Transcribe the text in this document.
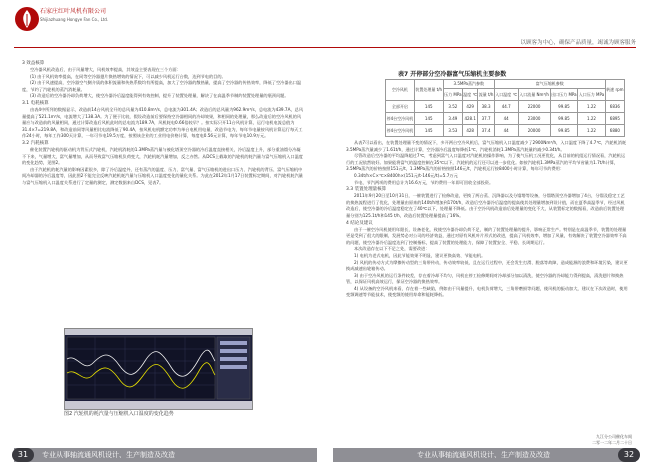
石家庄红叶风机有限公司
Shijiazhuang Hongye Fan Co., Ltd.
以顾客为中心，确保产品质量，竭诚为顾客服务
3 效益核算

空冷器风机改造后，由于风量增大，风机效率提高，其效益主要表现在三个方面：

(1) 由于风机效率提高，在同等空冷器翅片换热增效的情况下，可以减少风机运行台数，达到节电的目的。

(2) 由于风速提高，空冷器空气侧介质的体积流量和传热系数均有所提高，加大了空冷器的散热量，提高了空冷器的传热效率，降低了空冷器出口温度，节约了汽轮机的蒸汽消耗量。

(3) 改造后的空冷器冷却负荷增大，使空冷器冷后温度能得到有效控制，提升了装置处理量，解决了在高温季节制约装置处理量的瓶颈问题。

3.1 电耗核算

由表4中所列的数据显示，改造前14台风机全开的总风量为410.8m³/s，总电流为301.4A；改造后的总风量为962.9m³/s，总电流为439.7A，总风量提高了521.1m³/s，电流增大了138.3A。为了便于比较，假设改造前后要保持空冷器相同的冷却效果，和相同的处理量，那么改造后的空冷风机的风量应与改造前的风量相同，通过计算改造后风机此时的总电流为189.7A，风机耗电0.66倍较早？。按实际只开11台风机计算，运行电机电流总值为31.4×7=219.8A，和改造前同等风量相比电流降低了90.4A，按风机电机额定功率为单台电机用电量，改造节电为，每年节电量按风机计算运行每天工作24小时，每年工作300天计算，一年可节电19.5万度，按照该企业的工业用电价格计算，每度电0.56元计算，每年节电10.9万元。

3.2 汽耗核算

催化装置汽轮机的驱动机为背压式汽轮机，汽轮机消耗的1.3MPa蒸汽量与被化塔顶空冷器的冷后温度直接相关，冷后温度上升，部分重油馏分冷凝不下来，气量增大，富气量增加，从而导致富气压缩机负荷变大，汽轮机耗汽量增加，反之亦然。从DCS上截取的汽轮机的耗汽量与富气压缩机入口温度的变化趋势，见图2。

由于汽轮机的耗汽量的影响因素很多，除了冷后温度外，还有蒸汽的温度、压力、富气量、富气压缩机的进出口压力、汽轮机的背压、富气压缩机中间冷却器的冷后温度等，因此图2不能完全反映汽轮机耗汽量与压缩机入口温度变化的量化关系。为此在2012年1月17日装置标定期间，对汽轮机耗汽量与富气压缩机入口温度关系进行了定量的测定，测定数据来自DCS，见表7。

图2 汽轮机的耗汽量与压缩机入口温度的变化趋势
表7 开停部分空冷器富气压缩机主要参数
空冷风机	装置处理量 t/h	3.5MPa蒸汽参数			富气压缩机参数				转速 rpm
		压力 MPa	温度 ℃	流量 t/h	入口温度 ℃	入口流量 Nm³/h	出口压力 MPa	入口压力 MPa	
全部开启	145	3.52	429	38.3	44.7	22000	99.85	1.22	6836
停4台空冷风机	145	3.49	428.1	37.7	44	23000	99.85	1.22	6895
停4台空冷风机	145	3.53	428	37.4	44	20000	99.85	1.22	6880

从表7可以看出，在装置处理量不变的情况下，多开两台空冷风机后，富气压缩机入口温度减少了2900Nm³/h，入口温度下降了4.7℃，汽轮机消耗3.5MPa蒸汽量减少了1.61t/h，通过计算，空冷器冷后温度每降低1℃，汽轮机消耗1.3MPa蒸汽耗量约减少0.34t/h。

尽管改造后空冷器的平均温降超过7℃，考虑到富气入口温度对汽轮机的操作影响，为了使气压机工况更优化，从目前的机组运行情况看，汽轮机运行的工况依然较好。如果能将富气的温度控制在35℃以下，汽轮机的运行还可以进一步优化。如按汽轮机1.3MPa蒸汽的平均节省量为1.7t/h计算，3.5MPa蒸汽的价格按照151元/t，1.3MPa蒸汽的价格按照146元/t，汽轮机运行按8400小时计算，每年可节约费用：

0.34t/h×C×℃×8400h×(151元/t-146元/t)=5.7万元

节电、节汽两项的费用总计为16.6万元，节约费用一年即可回收全部投资。

3.3 装置处理量核算

2011年9月20日至10月31日，一催装置进行了检修改造，更换了两台蒸、沉降器以及分馏塔等设备，分馏塔顶空冷器增加了4台，分馏及稳定工艺的换热流程进行了优化，处理量由原来的140t/h增加到170t/h，改造后空冷器冷后温度的提高使其处理量增加到设计值，而在夏季高温季节，经过风机改造后，使空冷器的冷后温度稳定在了40℃以下，处理量不降低。由于空冷风机改造前后处理量的变化不大，从装置标定的数据看，改造前后装置处理量分别为125.1t/h和145 t/h，改造后装置处理量提高了16%。

4 结论及建议

由于一催空冷风机使用年限长，设备老化，致使空冷器冷却负荷不足，制约了装置处理量的提升，影响正常生产。特别是在高温季节，装置的处理量更是受到了很大的限制，发展势必对公司的经济效益，通过对原有风机叶片形式的改进，提高了风机效率，增加了风量，有效解决了装置空冷器效率不高的问题，使空冷器冷后温度达到了控制指标，提高了装置的处理能力，保障了装置安全、平稳、长周期运行。

本次改造存在以下不足之处，需要改进：

1) 电机为老式电机，因此节能效果不明显，建议更换高效、节能电机。

2) 风机的传动方式为摩擦传动型的三角带传动，传动效率较低，且在运行过程中，还会发生打滑、脱落等故障，造成能源的浪费和环境污染，建议更换成减速齿轮箱传动。

3) 由于空冷风机的运行条件较差，存在着冷却不均匀，风机在停工检修期间对冷却部分加以清洗，使空冷器的冷却能力得到提高，清洗翅片和换热管，以保证风机高效运行，保证空冷器的换热效率。

4) 从设备的空冷风机来看，存在着一些缺陷，例如由于风量提升，电机负荷增大，三角带磨损等问题，使风机的振动加大，建议在下次改造时，使用变频调速等节能技术，使变频的使用寿命和能耗降低。

九江分公司催化车间
二零一二年二月二十日
31	专业从事轴流通风机设计、生产制造及改造	专业从事轴流通风机设计、生产制造及改造	32
